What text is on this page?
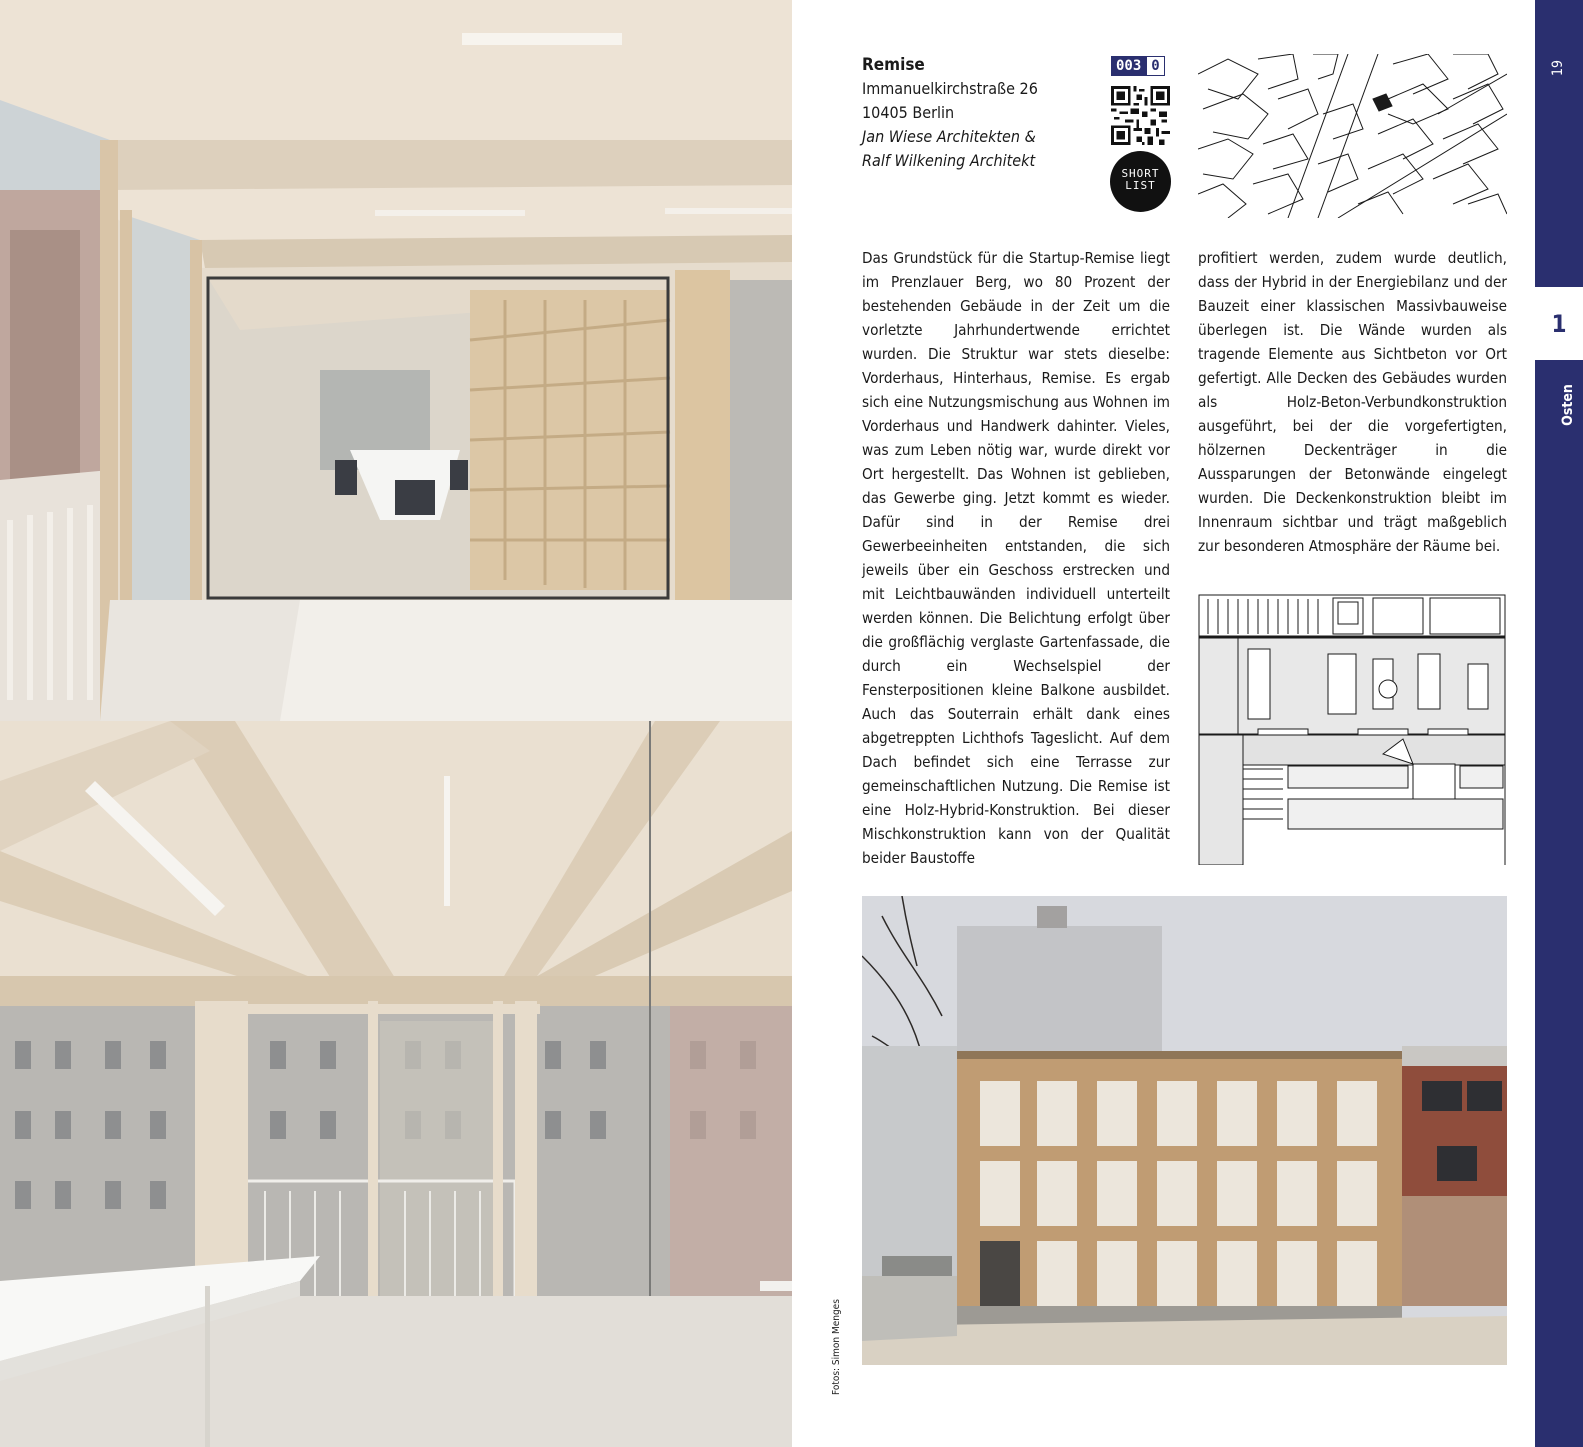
Remise
Immanuelkirchstraße 26
10405 Berlin
Jan Wiese Architekten &
Ralf Wilkening Architekt
003 0
SHORT
LIST

Das Grundstück für die Startup-Remise liegt im Prenzlauer Berg, wo 80 Prozent der bestehenden Gebäude in der Zeit um die vorletzte Jahrhundertwende errichtet wurden. Die Struktur war stets dieselbe: Vorderhaus, Hinterhaus, Remise. Es ergab sich eine Nutzungsmischung aus Wohnen im Vorderhaus und Handwerk dahinter. Vieles, was zum Leben nötig war, wurde direkt vor Ort hergestellt. Das Wohnen ist geblieben, das Gewerbe ging. Jetzt kommt es wieder. Dafür sind in der Remise drei Gewerbeeinheiten entstanden, die sich jeweils über ein Geschoss erstrecken und mit Leichtbauwänden individuell unterteilt werden können. Die Belichtung erfolgt über die großflächig verglaste Gartenfassade, die durch ein Wechselspiel der Fensterpositionen kleine Balkone ausbildet. Auch das Souterrain erhält dank eines abgetreppten Lichthofs Tageslicht. Auf dem Dach befindet sich eine Terrasse zur gemeinschaftlichen Nutzung. Die Remise ist eine Holz-Hybrid-Konstruktion. Bei dieser Mischkonstruktion kann von der Qualität beider Baustoffe

profitiert werden, zudem wurde deutlich, dass der Hybrid in der Energiebilanz und der Bauzeit einer klassischen Massivbauweise überlegen ist. Die Wände wurden als tragende Elemente aus Sichtbeton vor Ort gefertigt. Alle Decken des Gebäudes wurden als Holz-Beton-Verbundkonstruktion ausgeführt, bei der die vorgefertigten, hölzernen Deckenträger in die Aussparungen der Betonwände eingelegt wurden. Die Deckenkonstruktion bleibt im Innenraum sichtbar und trägt maßgeblich zur besonderen Atmosphäre der Räume bei.

Fotos: Simon Menges
19
1
Osten
